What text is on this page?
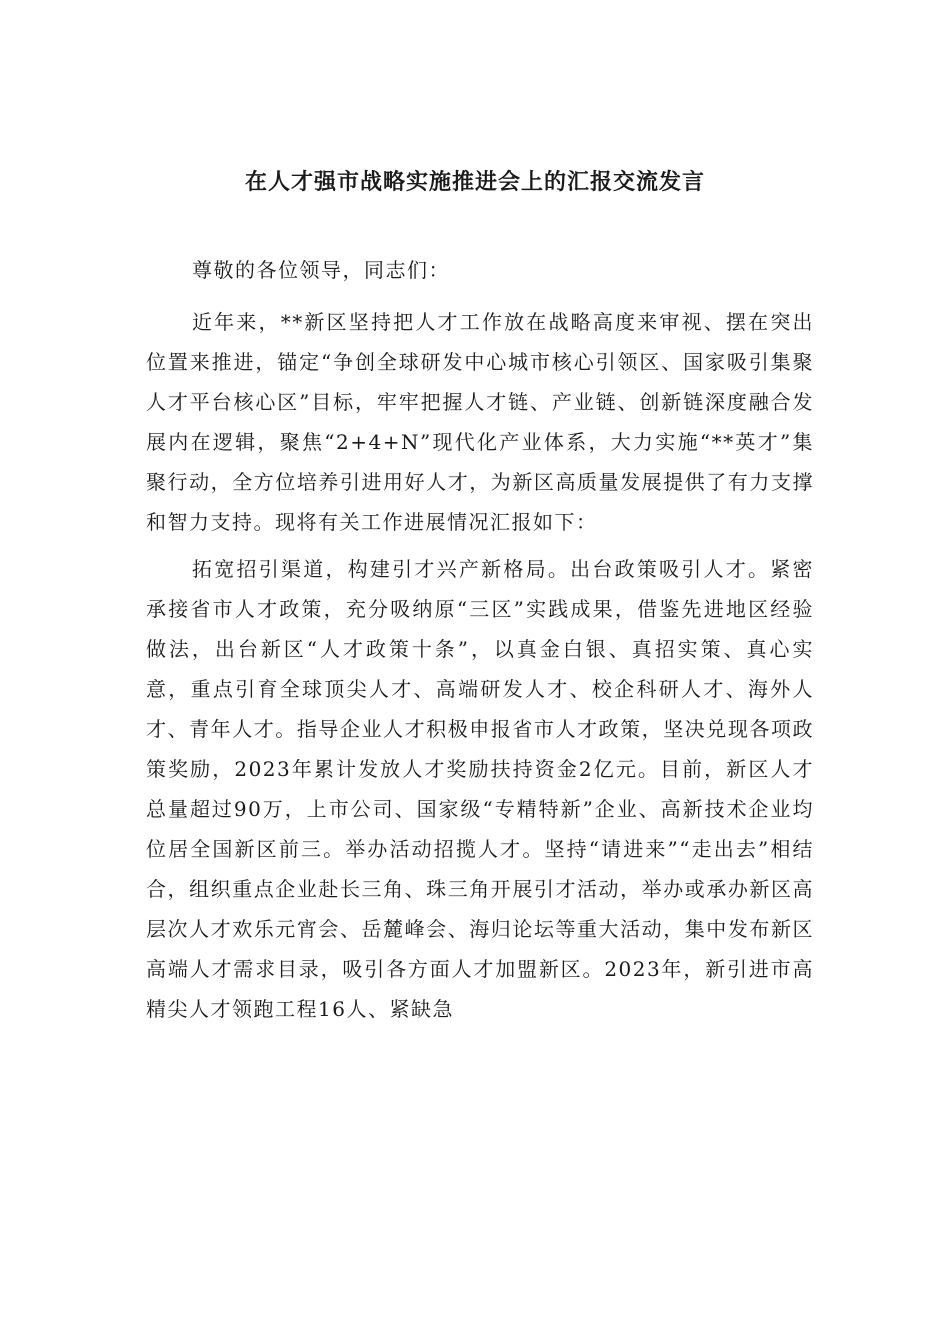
在人才强市战略实施推进会上的汇报交流发言

尊敬的各位领导，同志们：

近年来，**新区坚持把人才工作放在战略高度来审视、摆在突出位置来推进，锚定“争创全球研发中心城市核心引领区、国家吸引集聚人才平台核心区”目标，牢牢把握人才链、产业链、创新链深度融合发展内在逻辑，聚焦“2+4+N”现代化产业体系，大力实施“**英才”集聚行动，全方位培养引进用好人才，为新区高质量发展提供了有力支撑和智力支持。现将有关工作进展情况汇报如下：

拓宽招引渠道，构建引才兴产新格局。出台政策吸引人才。紧密承接省市人才政策，充分吸纳原“三区”实践成果，借鉴先进地区经验做法，出台新区“人才政策十条”，以真金白银、真招实策、真心实意，重点引育全球顶尖人才、高端研发人才、校企科研人才、海外人才、青年人才。指导企业人才积极申报省市人才政策，坚决兑现各项政策奖励，2023年累计发放人才奖励扶持资金2亿元。目前，新区人才总量超过90万，上市公司、国家级“专精特新”企业、高新技术企业均位居全国新区前三。举办活动招揽人才。坚持“请进来”“走出去”相结合，组织重点企业赴长三角、珠三角开展引才活动，举办或承办新区高层次人才欢乐元宵会、岳麓峰会、海归论坛等重大活动，集中发布新区高端人才需求目录，吸引各方面人才加盟新区。2023年，新引进市高精尖人才领跑工程16人、紧缺急
